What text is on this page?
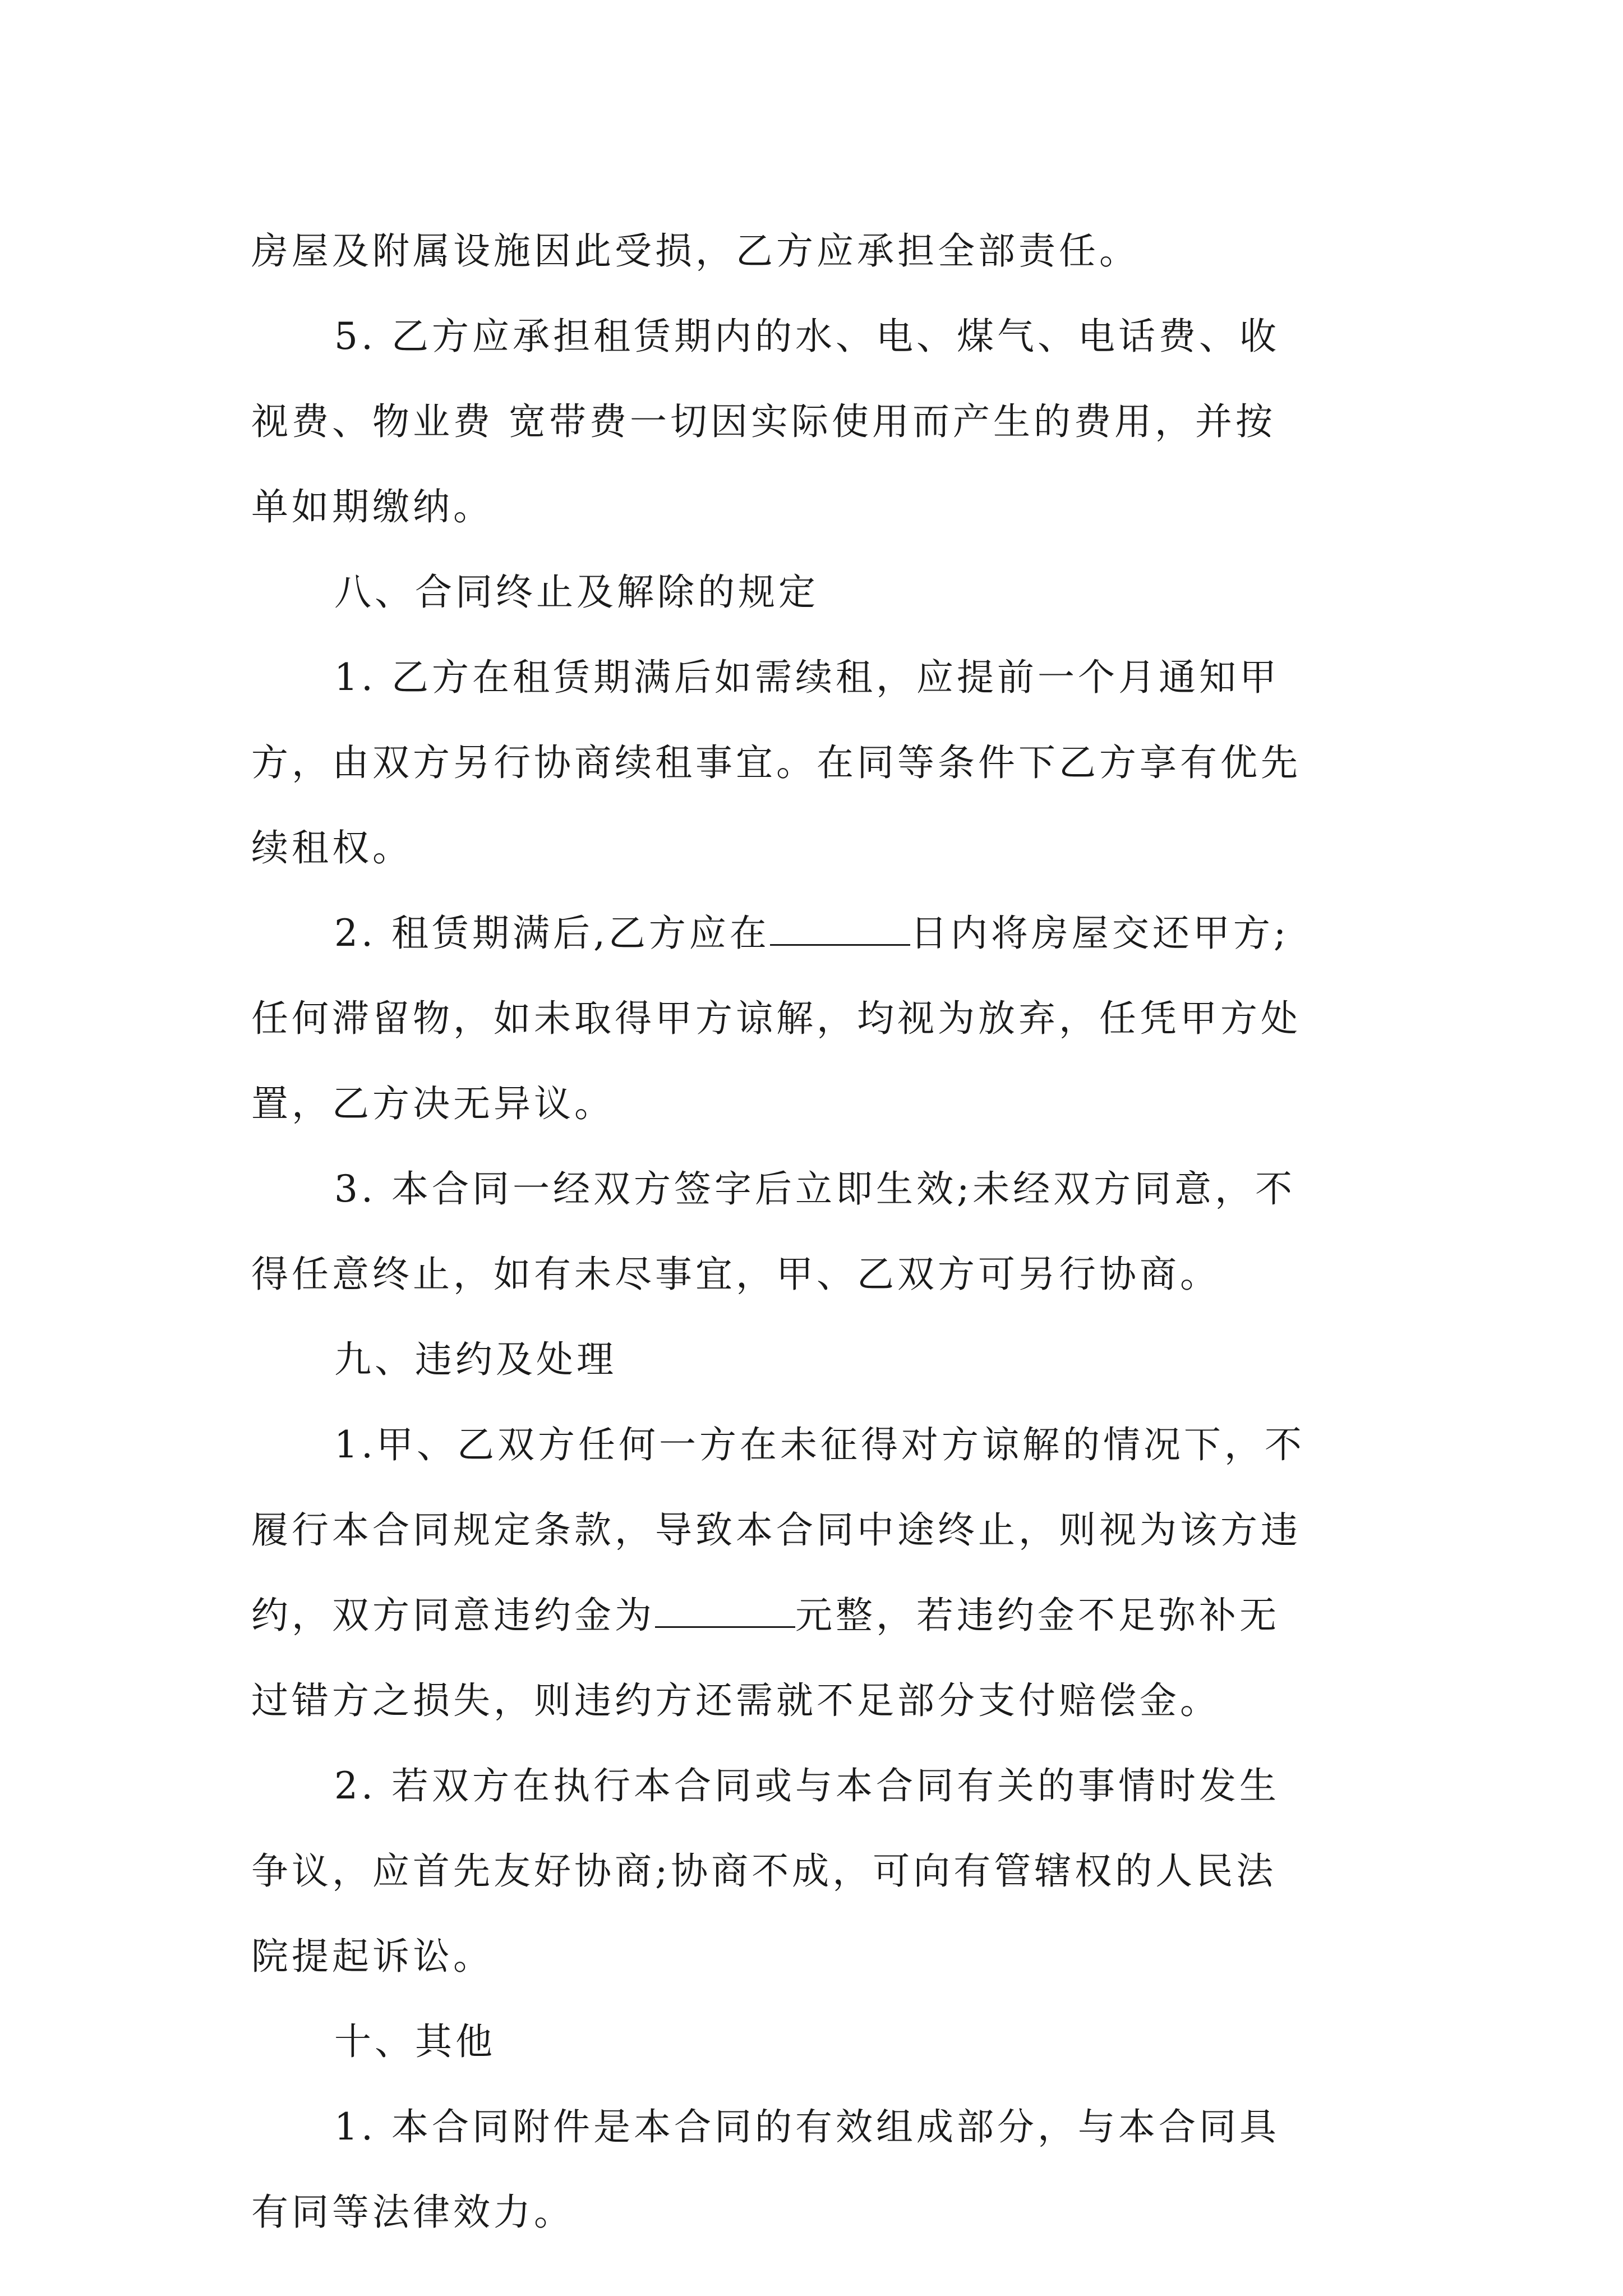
房屋及附属设施因此受损，乙方应承担全部责任。
5. 乙方应承担租赁期内的水、电、煤气、电话费、收
视费、物业费 宽带费一切因实际使用而产生的费用，并按
单如期缴纳。
八、合同终止及解除的规定
1. 乙方在租赁期满后如需续租，应提前一个月通知甲
方，由双方另行协商续租事宜。在同等条件下乙方享有优先
续租权。
2. 租赁期满后,乙方应在	日内将房屋交还甲方;
任何滞留物，如未取得甲方谅解，均视为放弃，任凭甲方处
置，乙方决无异议。
3. 本合同一经双方签字后立即生效;未经双方同意，不
得任意终止，如有未尽事宜，甲、乙双方可另行协商。
九、违约及处理
1.甲、乙双方任何一方在未征得对方谅解的情况下，不
履行本合同规定条款，导致本合同中途终止，则视为该方违
约，双方同意违约金为	元整，若违约金不足弥补无
过错方之损失，则违约方还需就不足部分支付赔偿金。
2. 若双方在执行本合同或与本合同有关的事情时发生
争议，应首先友好协商;协商不成，可向有管辖权的人民法
院提起诉讼。
十、其他
1. 本合同附件是本合同的有效组成部分，与本合同具
有同等法律效力。
